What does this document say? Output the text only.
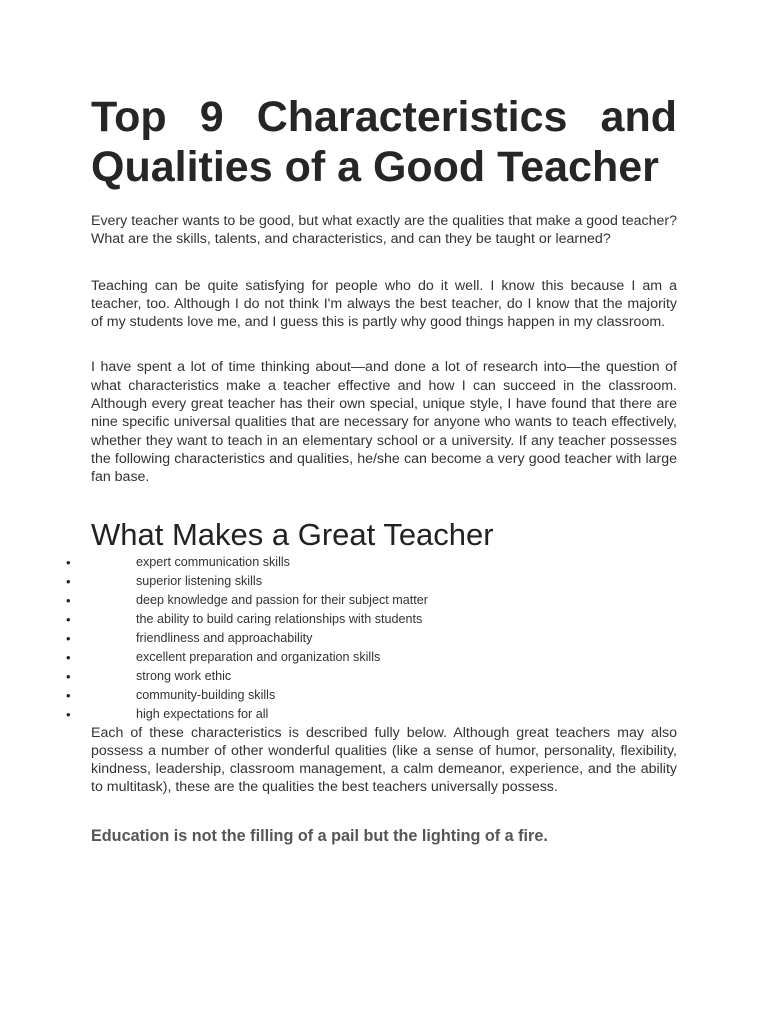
Top 9 Characteristics and Qualities of a Good Teacher

Every teacher wants to be good, but what exactly are the qualities that make a good teacher? What are the skills, talents, and characteristics, and can they be taught or learned?

Teaching can be quite satisfying for people who do it well. I know this because I am a teacher, too. Although I do not think I'm always the best teacher, do I know that the majority of my students love me, and I guess this is partly why good things happen in my classroom.

I have spent a lot of time thinking about—and done a lot of research into—the question of what characteristics make a teacher effective and how I can succeed in the classroom. Although every great teacher has their own special, unique style, I have found that there are nine specific universal qualities that are necessary for anyone who wants to teach effectively, whether they want to teach in an elementary school or a university. If any teacher possesses the following characteristics and qualities, he/she can become a very good teacher with large fan base.

What Makes a Great Teacher
•	expert communication skills
•	superior listening skills
•	deep knowledge and passion for their subject matter
•	the ability to build caring relationships with students
•	friendliness and approachability
•	excellent preparation and organization skills
•	strong work ethic
•	community-building skills
•	high expectations for all

Each of these characteristics is described fully below. Although great teachers may also possess a number of other wonderful qualities (like a sense of humor, personality, flexibility, kindness, leadership, classroom management, a calm demeanor, experience, and the ability to multitask), these are the qualities the best teachers universally possess.

Education is not the filling of a pail but the lighting of a fire.
